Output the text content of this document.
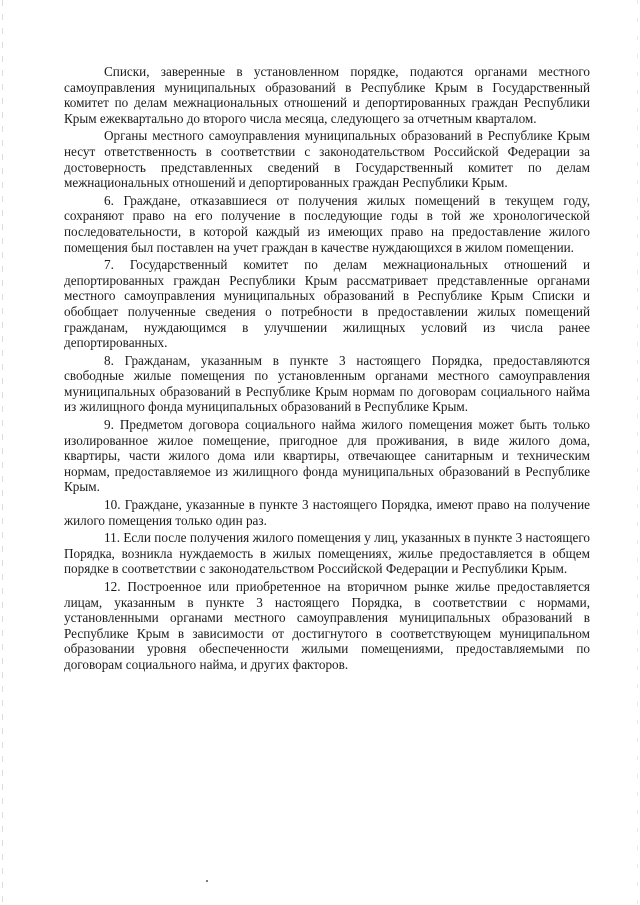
Списки, заверенные в установленном порядке, подаются органами местного самоуправления муниципальных образований в Республике Крым в Государственный комитет по делам межнациональных отношений и депортированных граждан Республики Крым ежеквартально до второго числа месяца, следующего за отчетным кварталом.

Органы местного самоуправления муниципальных образований в Республике Крым несут ответственность в соответствии с законодательством Российской Федерации за достоверность представленных сведений в Государственный комитет по делам межнациональных отношений и депортированных граждан Республики Крым.

6. Граждане, отказавшиеся от получения жилых помещений в текущем году, сохраняют право на его получение в последующие годы в той же хронологической последовательности, в которой каждый из имеющих право на предоставление жилого помещения был поставлен на учет граждан в качестве нуждающихся в жилом помещении.

7. Государственный комитет по делам межнациональных отношений и депортированных граждан Республики Крым рассматривает представленные органами местного самоуправления муниципальных образований в Республике Крым Списки и обобщает полученные сведения о потребности в предоставлении жилых помещений гражданам, нуждающимся в улучшении жилищных условий из числа ранее депортированных.

8. Гражданам, указанным в пункте 3 настоящего Порядка, предоставляются свободные жилые помещения по установленным органами местного самоуправления муниципальных образований в Республике Крым нормам по договорам социального найма из жилищного фонда муниципальных образований в Республике Крым.

9. Предметом договора социального найма жилого помещения может быть только изолированное жилое помещение, пригодное для проживания, в виде жилого дома, квартиры, части жилого дома или квартиры, отвечающее санитарным и техническим нормам, предоставляемое из жилищного фонда муниципальных образований в Республике Крым.

10. Граждане, указанные в пункте 3 настоящего Порядка, имеют право на получение жилого помещения только один раз.

11. Если после получения жилого помещения у лиц, указанных в пункте 3 настоящего Порядка, возникла нуждаемость в жилых помещениях, жилье предоставляется в общем порядке в соответствии с законодательством Российской Федерации и Республики Крым.

12. Построенное или приобретенное на вторичном рынке жилье предоставляется лицам, указанным в пункте 3 настоящего Порядка, в соответствии с нормами, установленными органами местного самоуправления муниципальных образований в Республике Крым в зависимости от достигнутого в соответствующем муниципальном образовании уровня обеспеченности жилыми помещениями, предоставляемыми по договорам социального найма, и других факторов.
